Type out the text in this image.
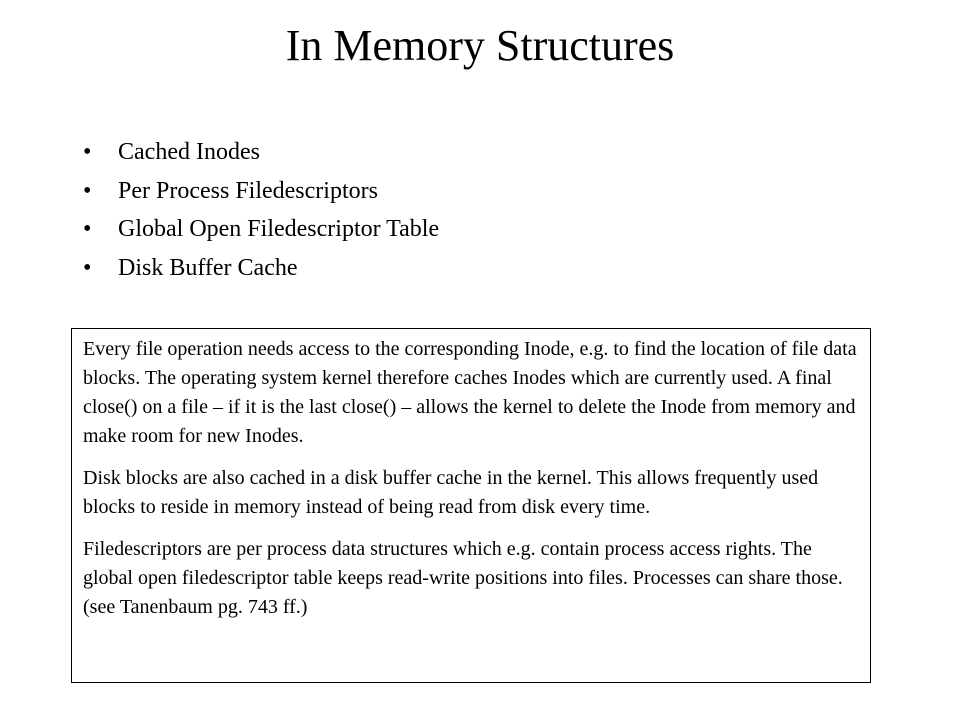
In Memory Structures
• Cached Inodes
• Per Process Filedescriptors
• Global Open Filedescriptor Table
• Disk Buffer Cache

Every file operation needs access to the corresponding Inode, e.g. to find the location of file data blocks. The operating system kernel therefore caches Inodes which are currently used. A final close() on a file – if it is the last close() – allows the kernel to delete the Inode from memory and make room for new Inodes.

Disk blocks are also cached in a disk buffer cache in the kernel. This allows frequently used blocks to reside in memory instead of being read from disk every time.

Filedescriptors are per process data structures which e.g. contain process access rights. The global open filedescriptor table keeps read-write positions into files. Processes can share those. (see Tanenbaum pg. 743 ff.)
